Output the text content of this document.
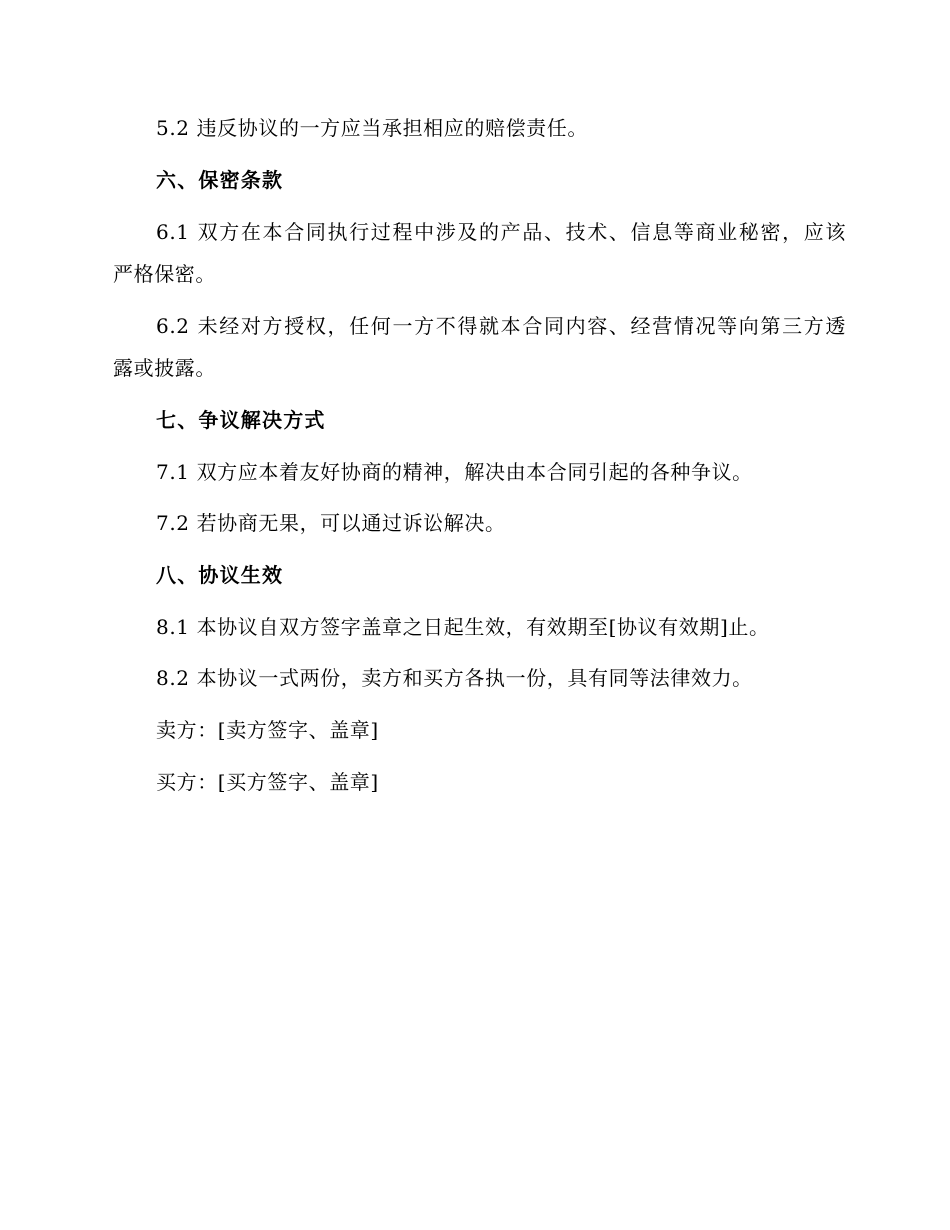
5.2 违反协议的一方应当承担相应的赔偿责任。
六、保密条款
6.1 双方在本合同执行过程中涉及的产品、技术、信息等商业秘密，应该
严格保密。
6.2 未经对方授权，任何一方不得就本合同内容、经营情况等向第三方透
露或披露。
七、争议解决方式
7.1 双方应本着友好协商的精神，解决由本合同引起的各种争议。
7.2 若协商无果，可以通过诉讼解决。
八、协议生效
8.1 本协议自双方签字盖章之日起生效，有效期至[协议有效期]止。
8.2 本协议一式两份，卖方和买方各执一份，具有同等法律效力。
卖方：[卖方签字、盖章]
买方：[买方签字、盖章]
